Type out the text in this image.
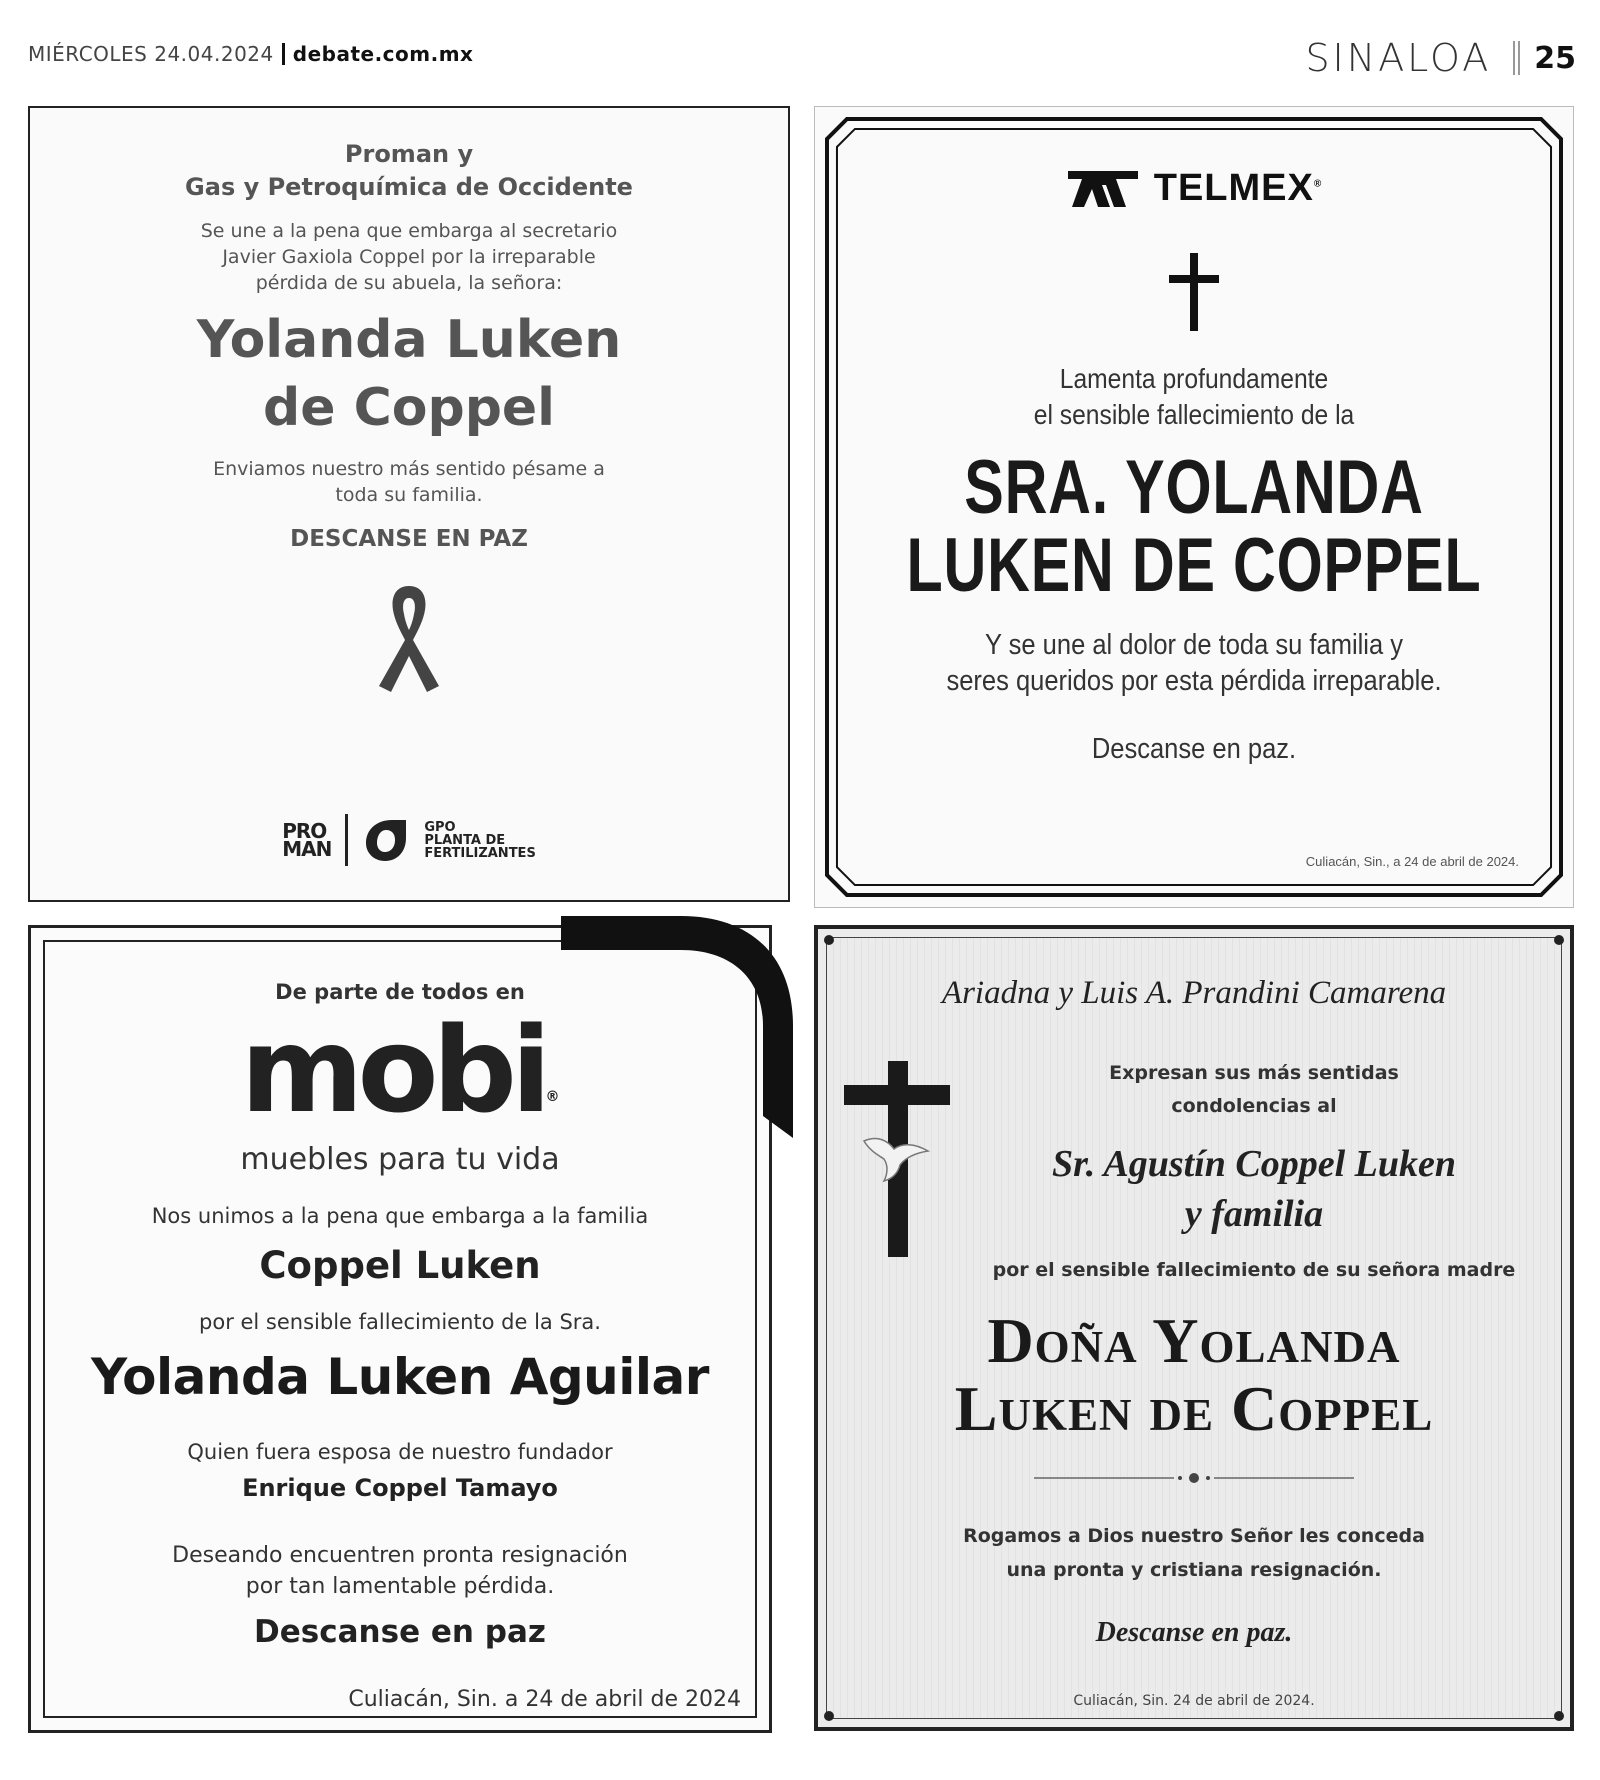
MIÉRCOLES 24.04.2024 debate.com.mx	SINALOA 25
Proman y
Gas y Petroquímica de Occidente
Se une a la pena que embarga al secretario
Javier Gaxiola Coppel por la irreparable
pérdida de su abuela, la señora:
Yolanda Luken
de Coppel
Enviamos nuestro más sentido pésame a
toda su familia.
DESCANSE EN PAZ
PRO
MAN
GPO
PLANTA DE
FERTILIZANTES
TELMEX®
Lamenta profundamente
el sensible fallecimiento de la
SRA. YOLANDA
LUKEN DE COPPEL
Y se une al dolor de toda su familia y
seres queridos por esta pérdida irreparable.
Descanse en paz.
Culiacán, Sin., a 24 de abril de 2024.
De parte de todos en
mobi®
muebles para tu vida
Nos unimos a la pena que embarga a la familia
Coppel Luken
por el sensible fallecimiento de la Sra.
Yolanda Luken Aguilar
Quien fuera esposa de nuestro fundador
Enrique Coppel Tamayo
Deseando encuentren pronta resignación
por tan lamentable pérdida.
Descanse en paz
Culiacán, Sin. a 24 de abril de 2024
Ariadna y Luis A. Prandini Camarena
Expresan sus más sentidas
condolencias al
Sr. Agustín Coppel Luken
y familia
por el sensible fallecimiento de su señora madre
Doña Yolanda
Luken de Coppel
Rogamos a Dios nuestro Señor les conceda
una pronta y cristiana resignación.
Descanse en paz.
Culiacán, Sin. 24 de abril de 2024.
